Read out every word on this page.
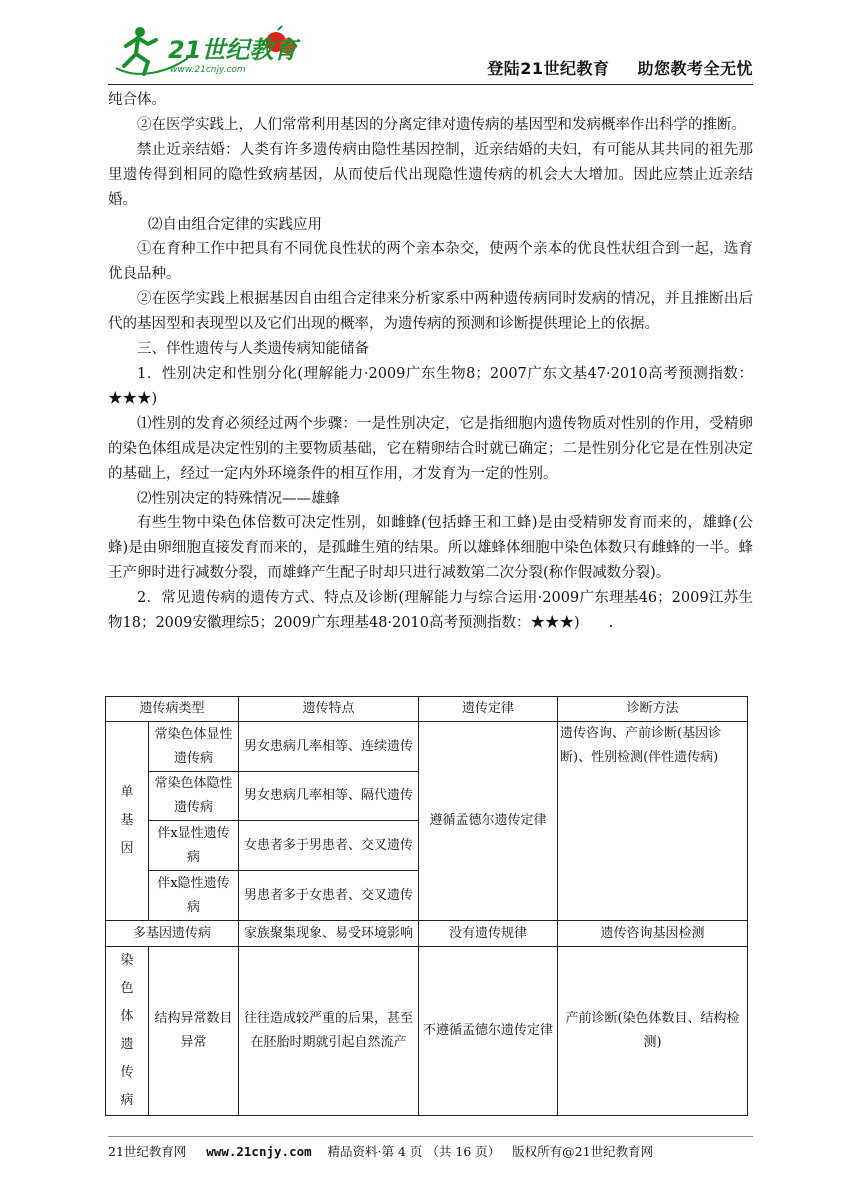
21世纪教育
www.21cnjy.com	登陆21世纪教育 助您教考全无忧

纯合体。

②在医学实践上，人们常常利用基因的分离定律对遗传病的基因型和发病概率作出科学的推断。

禁止近亲结婚：人类有许多遗传病由隐性基因控制，近亲结婚的夫妇，有可能从其共同的祖先那里遗传得到相同的隐性致病基因，从而使后代出现隐性遗传病的机会大大增加。因此应禁止近亲结婚。

⑵自由组合定律的实践应用

①在育种工作中把具有不同优良性状的两个亲本杂交，使两个亲本的优良性状组合到一起，选育优良品种。

②在医学实践上根据基因自由组合定律来分析家系中两种遗传病同时发病的情况，并且推断出后代的基因型和表现型以及它们出现的概率，为遗传病的预测和诊断提供理论上的依据。

三、伴性遗传与人类遗传病知能储备

1．性别决定和性别分化(理解能力·2009广东生物8；2007广东文基47·2010高考预测指数：★★★)

⑴性别的发育必须经过两个步骤：一是性别决定，它是指细胞内遗传物质对性别的作用，受精卵的染色体组成是决定性别的主要物质基础，它在精卵结合时就已确定；二是性别分化它是在性别决定的基础上，经过一定内外环境条件的相互作用，才发育为一定的性别。

⑵性别决定的特殊情况——雄蜂

有些生物中染色体倍数可决定性别，如雌蜂(包括蜂王和工蜂)是由受精卵发育而来的，雄蜂(公蜂)是由卵细胞直接发育而来的，是孤雌生殖的结果。所以雄蜂体细胞中染色体数只有雌蜂的一半。蜂王产卵时进行减数分裂，而雄蜂产生配子时却只进行减数第二次分裂(称作假减数分裂)。

2．常见遗传病的遗传方式、特点及诊断(理解能力与综合运用·2009广东理基46；2009江苏生物18；2009安徽理综5；2009广东理基48·2010高考预测指数：★★★)　　.

遗传病类型		遗传特点	遗传定律	诊断方法
单基因	常染色体显性遗传病	男女患病几率相等、连续遗传	遵循孟德尔遗传定律	遗传咨询、产前诊断(基因诊断)、性别检测(伴性遗传病)
	常染色体隐性遗传病	男女患病几率相等、隔代遗传		
	伴x显性遗传病	女患者多于男患者、交叉遗传		
	伴x隐性遗传病	男患者多于女患者、交叉遗传		
多基因遗传病		家族聚集现象、易受环境影响	没有遗传规律	遗传咨询基因检测
染色体遗传病	结构异常数目异常	往往造成较严重的后果，甚至在胚胎时期就引起自然流产	不遵循孟德尔遗传定律	产前诊断(染色体数目、结构检测)
21世纪教育网 www.21cnjy.com 精品资料·第 4 页 （共 16 页） 版权所有@21世纪教育网
